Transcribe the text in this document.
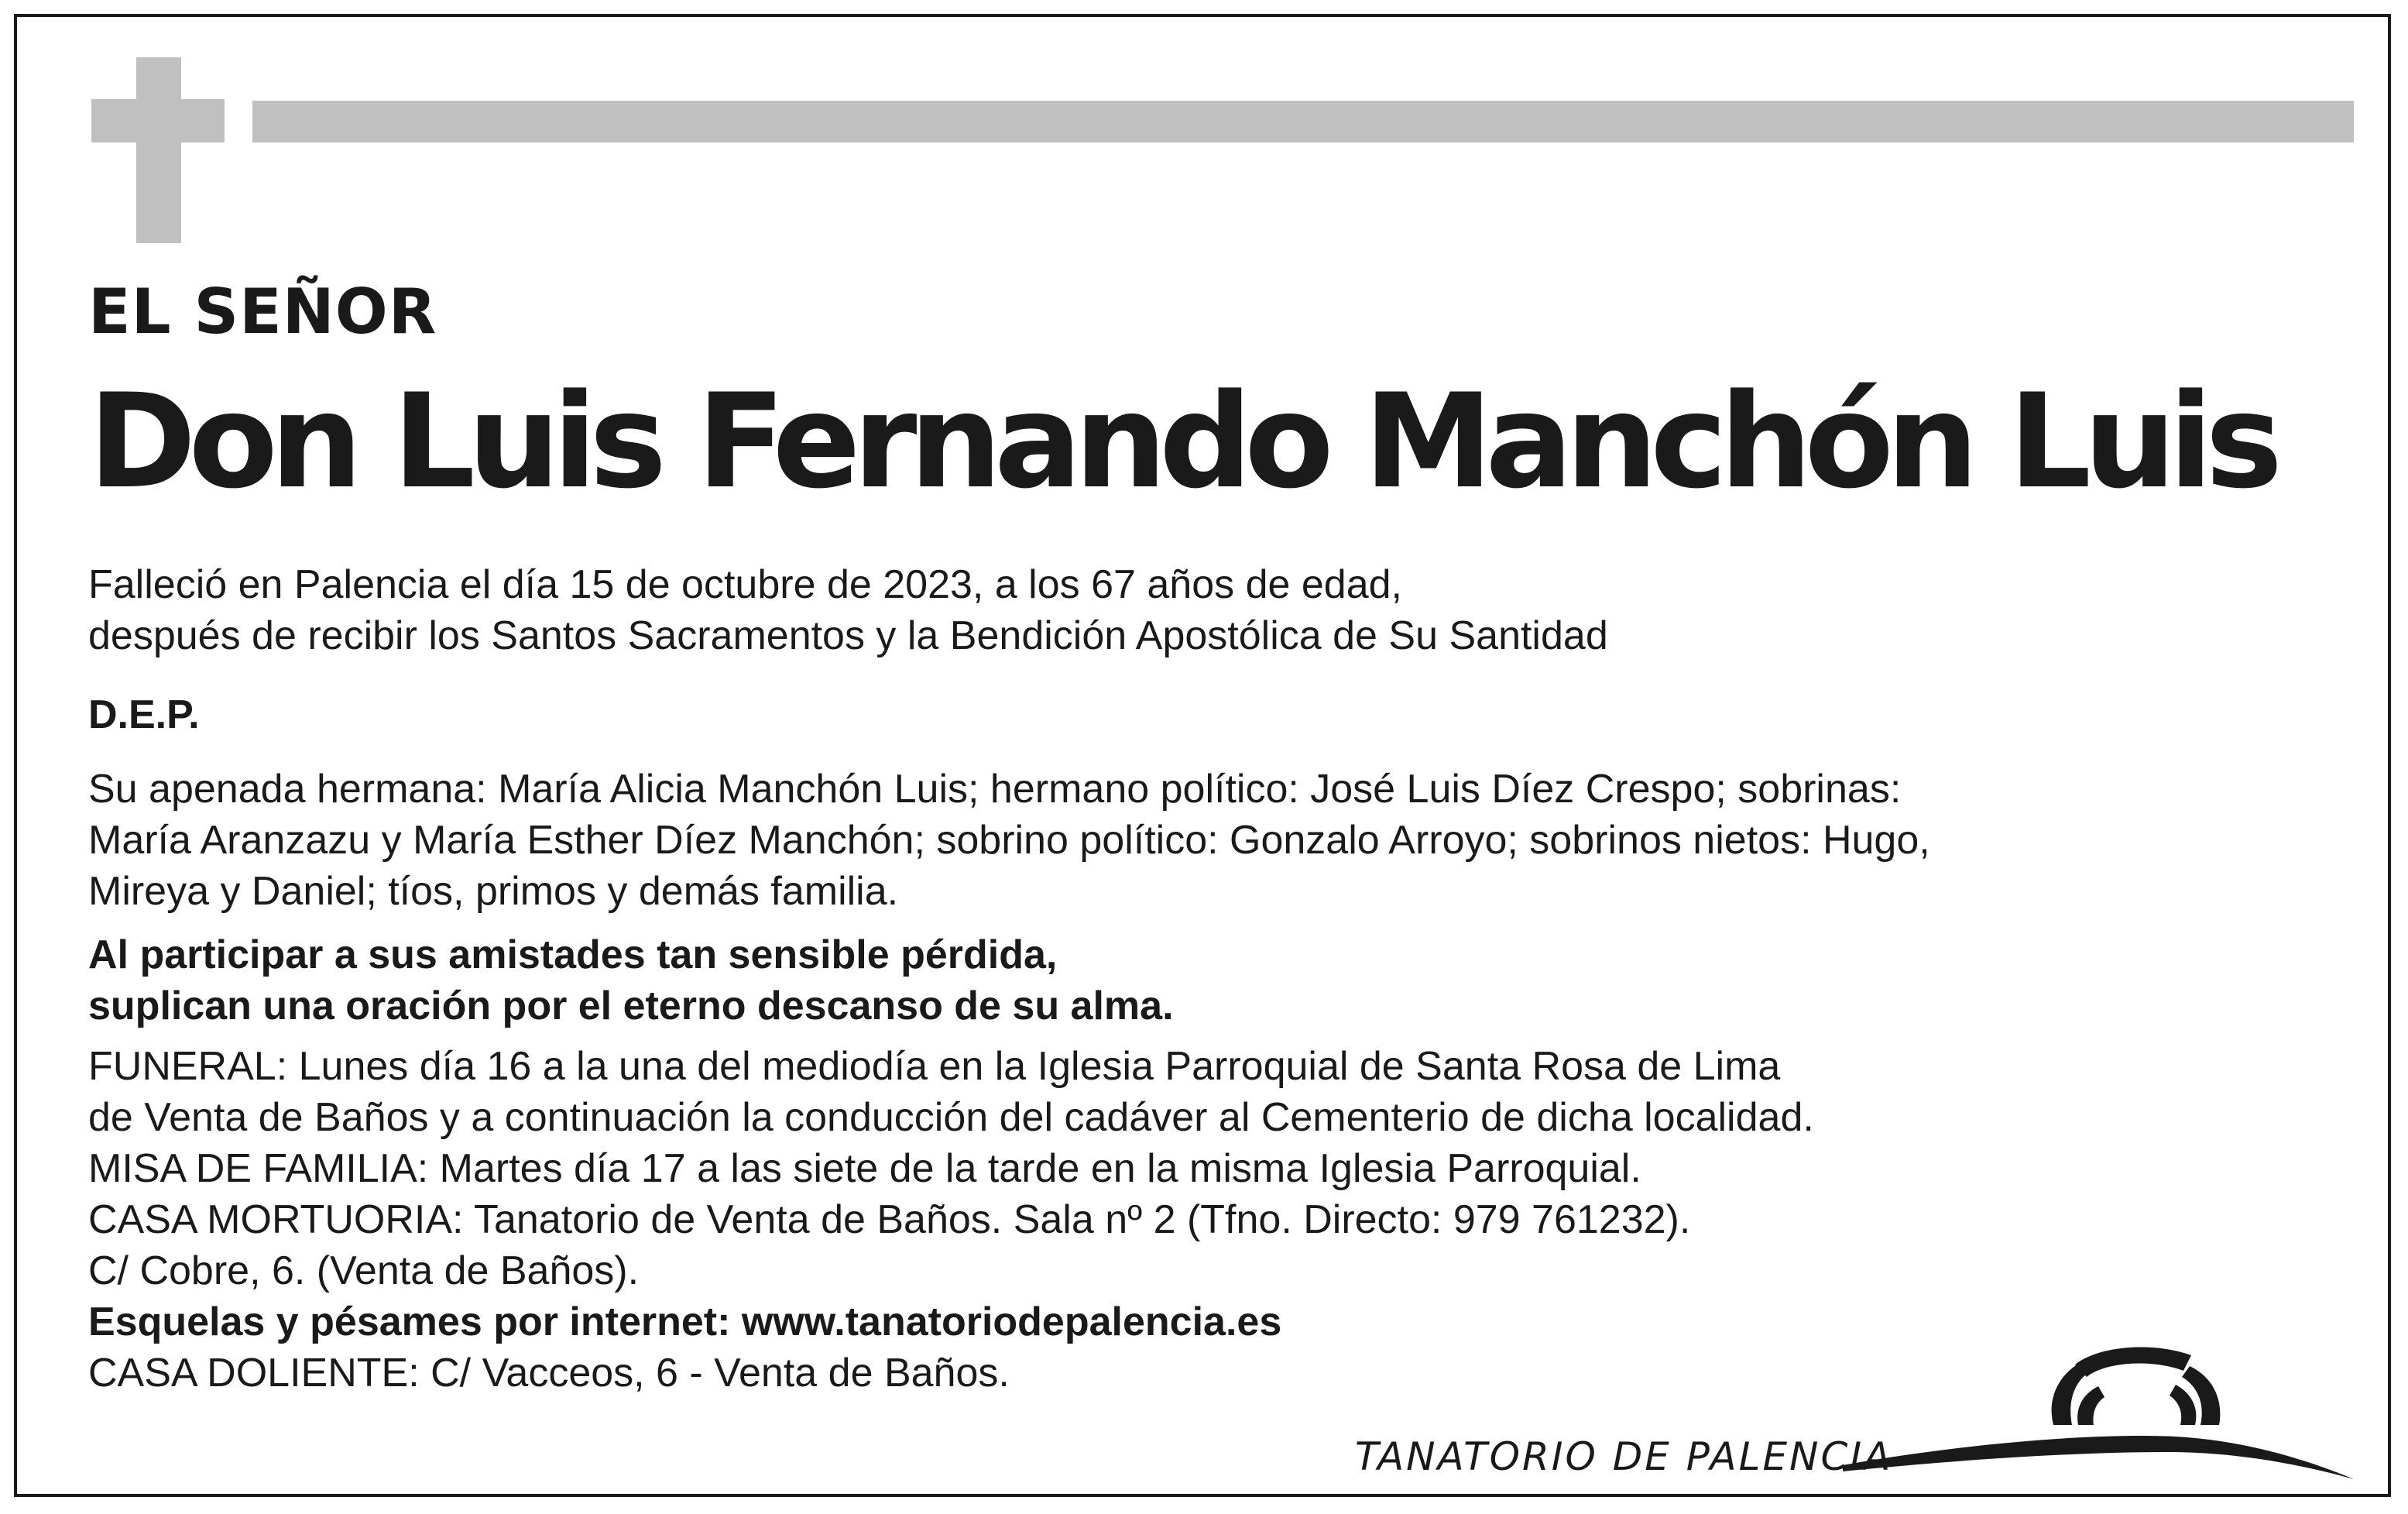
EL SEÑOR
Don Luis Fernando Manchón Luis
Falleció en Palencia el día 15 de octubre de 2023, a los 67 años de edad,
después de recibir los Santos Sacramentos y la Bendición Apostólica de Su Santidad
D.E.P.
Su apenada hermana: María Alicia Manchón Luis; hermano político: José Luis Díez Crespo; sobrinas:
María Aranzazu y María Esther Díez Manchón; sobrino político: Gonzalo Arroyo; sobrinos nietos: Hugo,
Mireya y Daniel; tíos, primos y demás familia.
Al participar a sus amistades tan sensible pérdida,
suplican una oración por el eterno descanso de su alma.
FUNERAL: Lunes día 16 a la una del mediodía en la Iglesia Parroquial de Santa Rosa de Lima
de Venta de Baños y a continuación la conducción del cadáver al Cementerio de dicha localidad.
MISA DE FAMILIA: Martes día 17 a las siete de la tarde en la misma Iglesia Parroquial.
CASA MORTUORIA: Tanatorio de Venta de Baños. Sala nº 2 (Tfno. Directo: 979 761232).
C/ Cobre, 6. (Venta de Baños).
Esquelas y pésames por internet: www.tanatoriodepalencia.es
CASA DOLIENTE: C/ Vacceos, 6 - Venta de Baños.
TANATORIO DE PALENCIA
